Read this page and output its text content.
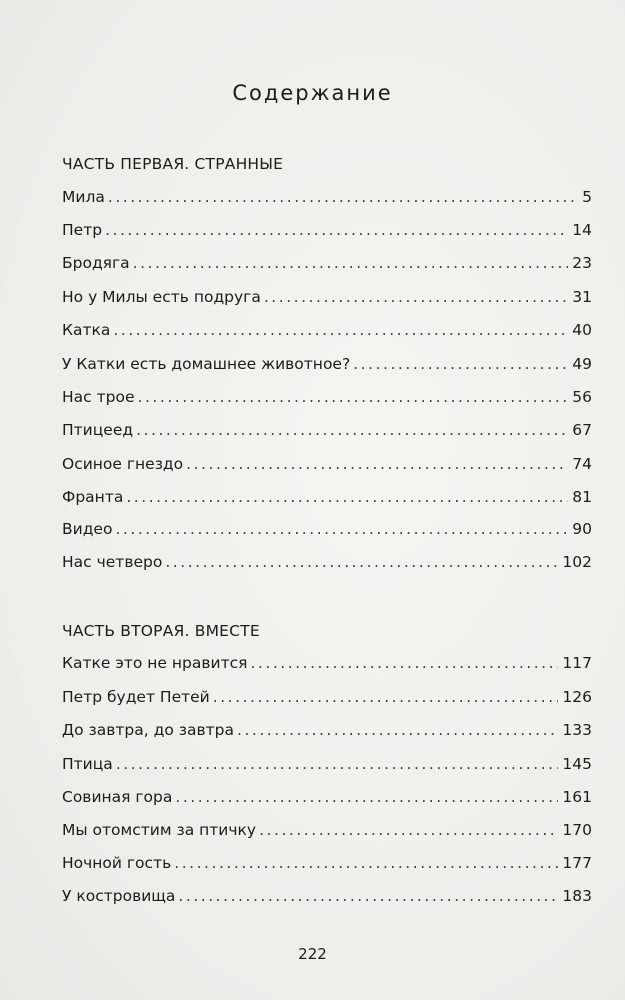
Содержание
ЧАСТЬ ПЕРВАЯ. СТРАННЫЕ
Мила . . .	5
Петр . . .	14
Бродяга . . .	23
Но у Милы есть подруга . . .	31
Катка . . .	40
У Катки есть домашнее животное? . . .	49
Нас трое . . .	56
Птицеед . . .	67
Осиное гнездо . . .	74
Франта . . .	81
Видео . . .	90
Нас четверо . . .	102
ЧАСТЬ ВТОРАЯ. ВМЕСТЕ
Катке это не нравится . . .	117
Петр будет Петей . . .	126
До завтра, до завтра . . .	133
Птица . . .	145
Совиная гора . . .	161
Мы отомстим за птичку . . .	170
Ночной гость . . .	177
У костровища . . .	183
222
